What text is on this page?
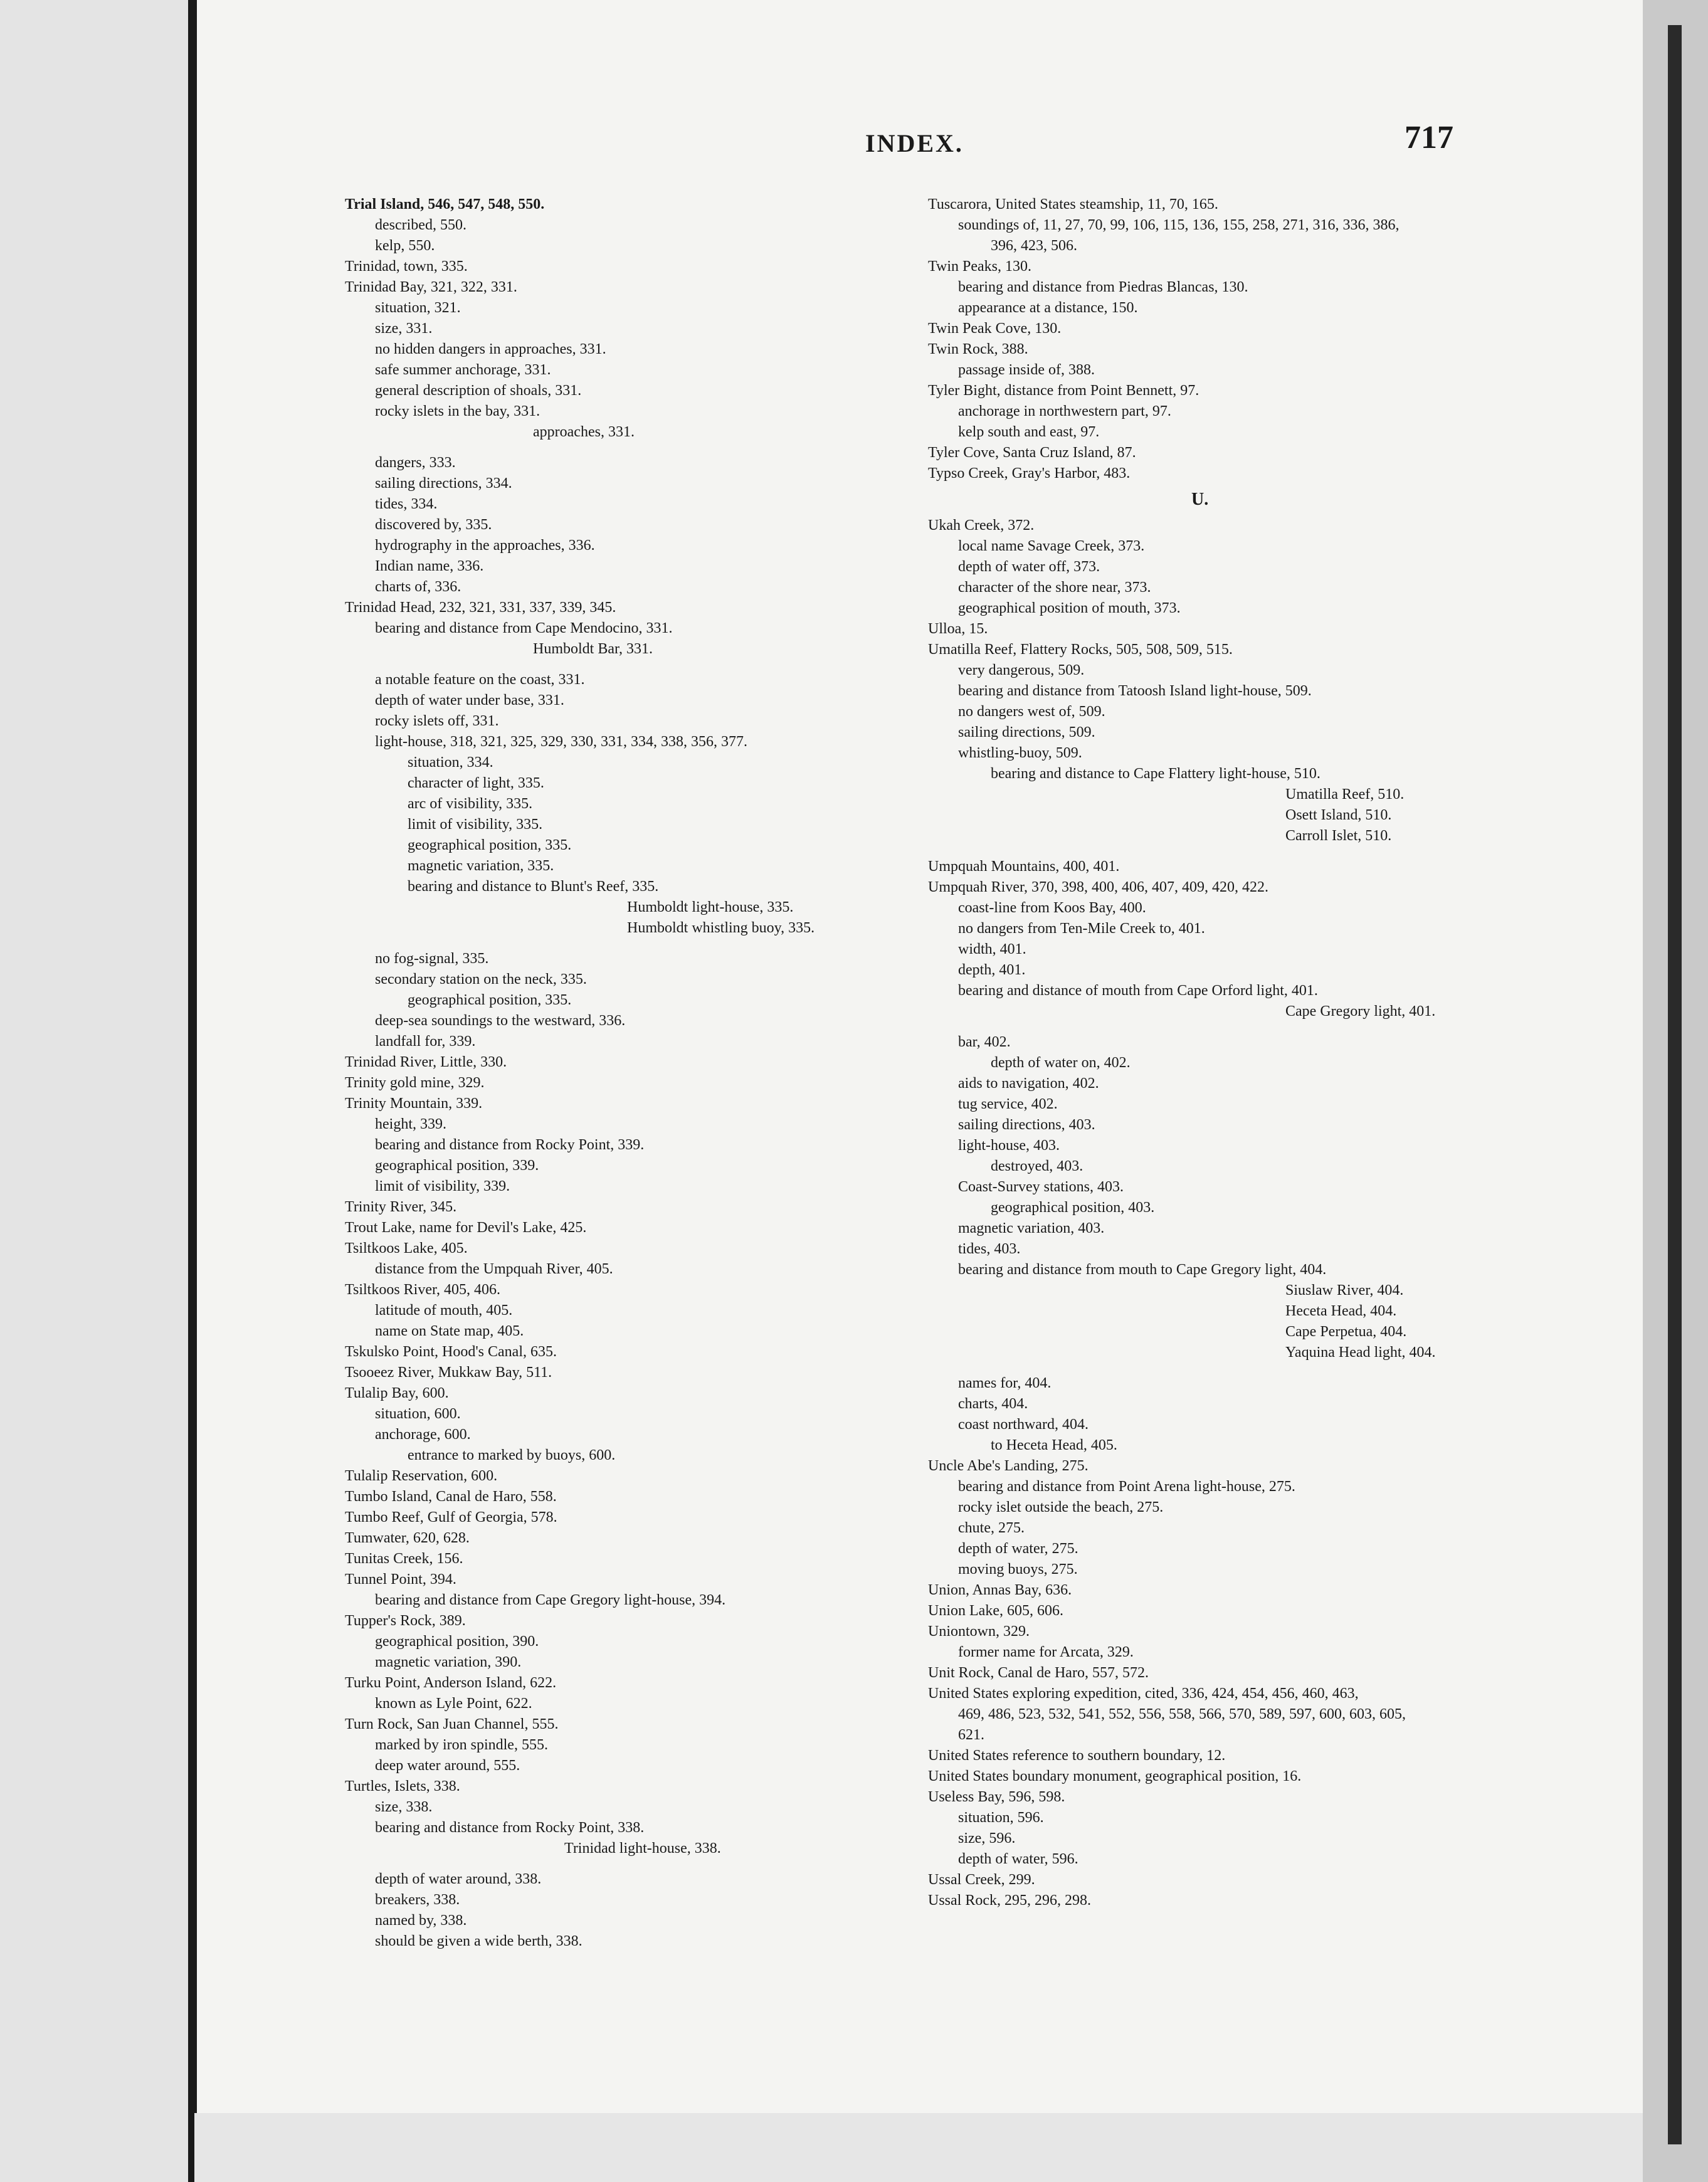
INDEX.	717
Trial Island, 546, 547, 548, 550.
described, 550.
kelp, 550.
Trinidad, town, 335.
Trinidad Bay, 321, 322, 331.
situation, 321.
size, 331.
no hidden dangers in approaches, 331.
safe summer anchorage, 331.
general description of shoals, 331.
rocky islets in the bay, 331.
approaches, 331.
dangers, 333.
sailing directions, 334.
tides, 334.
discovered by, 335.
hydrography in the approaches, 336.
Indian name, 336.
charts of, 336.
Trinidad Head, 232, 321, 331, 337, 339, 345.
bearing and distance from Cape Mendocino, 331.
Humboldt Bar, 331.
a notable feature on the coast, 331.
depth of water under base, 331.
rocky islets off, 331.
light-house, 318, 321, 325, 329, 330, 331, 334, 338, 356, 377.
situation, 334.
character of light, 335.
arc of visibility, 335.
limit of visibility, 335.
geographical position, 335.
magnetic variation, 335.
bearing and distance to Blunt's Reef, 335.
Humboldt light-house, 335.
Humboldt whistling buoy, 335.
no fog-signal, 335.
secondary station on the neck, 335.
geographical position, 335.
deep-sea soundings to the westward, 336.
landfall for, 339.
Trinidad River, Little, 330.
Trinity gold mine, 329.
Trinity Mountain, 339.
height, 339.
bearing and distance from Rocky Point, 339.
geographical position, 339.
limit of visibility, 339.
Trinity River, 345.
Trout Lake, name for Devil's Lake, 425.
Tsiltkoos Lake, 405.
distance from the Umpquah River, 405.
Tsiltkoos River, 405, 406.
latitude of mouth, 405.
name on State map, 405.
Tskulsko Point, Hood's Canal, 635.
Tsooeez River, Mukkaw Bay, 511.
Tulalip Bay, 600.
situation, 600.
anchorage, 600.
entrance to marked by buoys, 600.
Tulalip Reservation, 600.
Tumbo Island, Canal de Haro, 558.
Tumbo Reef, Gulf of Georgia, 578.
Tumwater, 620, 628.
Tunitas Creek, 156.
Tunnel Point, 394.
bearing and distance from Cape Gregory light-house, 394.
Tupper's Rock, 389.
geographical position, 390.
magnetic variation, 390.
Turku Point, Anderson Island, 622.
known as Lyle Point, 622.
Turn Rock, San Juan Channel, 555.
marked by iron spindle, 555.
deep water around, 555.
Turtles, Islets, 338.
size, 338.
bearing and distance from Rocky Point, 338.
Trinidad light-house, 338.
depth of water around, 338.
breakers, 338.
named by, 338.
should be given a wide berth, 338.
Tuscarora, United States steamship, 11, 70, 165.
soundings of, 11, 27, 70, 99, 106, 115, 136, 155, 258, 271, 316, 336, 386,
396, 423, 506.
Twin Peaks, 130.
bearing and distance from Piedras Blancas, 130.
appearance at a distance, 150.
Twin Peak Cove, 130.
Twin Rock, 388.
passage inside of, 388.
Tyler Bight, distance from Point Bennett, 97.
anchorage in northwestern part, 97.
kelp south and east, 97.
Tyler Cove, Santa Cruz Island, 87.
Typso Creek, Gray's Harbor, 483.
U.
Ukah Creek, 372.
local name Savage Creek, 373.
depth of water off, 373.
character of the shore near, 373.
geographical position of mouth, 373.
Ulloa, 15.
Umatilla Reef, Flattery Rocks, 505, 508, 509, 515.
very dangerous, 509.
bearing and distance from Tatoosh Island light-house, 509.
no dangers west of, 509.
sailing directions, 509.
whistling-buoy, 509.
bearing and distance to Cape Flattery light-house, 510.
Umatilla Reef, 510.
Osett Island, 510.
Carroll Islet, 510.
Umpquah Mountains, 400, 401.
Umpquah River, 370, 398, 400, 406, 407, 409, 420, 422.
coast-line from Koos Bay, 400.
no dangers from Ten-Mile Creek to, 401.
width, 401.
depth, 401.
bearing and distance of mouth from Cape Orford light, 401.
Cape Gregory light, 401.
bar, 402.
depth of water on, 402.
aids to navigation, 402.
tug service, 402.
sailing directions, 403.
light-house, 403.
destroyed, 403.
Coast-Survey stations, 403.
geographical position, 403.
magnetic variation, 403.
tides, 403.
bearing and distance from mouth to Cape Gregory light, 404.
Siuslaw River, 404.
Heceta Head, 404.
Cape Perpetua, 404.
Yaquina Head light, 404.
names for, 404.
charts, 404.
coast northward, 404.
to Heceta Head, 405.
Uncle Abe's Landing, 275.
bearing and distance from Point Arena light-house, 275.
rocky islet outside the beach, 275.
chute, 275.
depth of water, 275.
moving buoys, 275.
Union, Annas Bay, 636.
Union Lake, 605, 606.
Uniontown, 329.
former name for Arcata, 329.
Unit Rock, Canal de Haro, 557, 572.
United States exploring expedition, cited, 336, 424, 454, 456, 460, 463,
469, 486, 523, 532, 541, 552, 556, 558, 566, 570, 589, 597, 600, 603, 605,
621.
United States reference to southern boundary, 12.
United States boundary monument, geographical position, 16.
Useless Bay, 596, 598.
situation, 596.
size, 596.
depth of water, 596.
Ussal Creek, 299.
Ussal Rock, 295, 296, 298.
